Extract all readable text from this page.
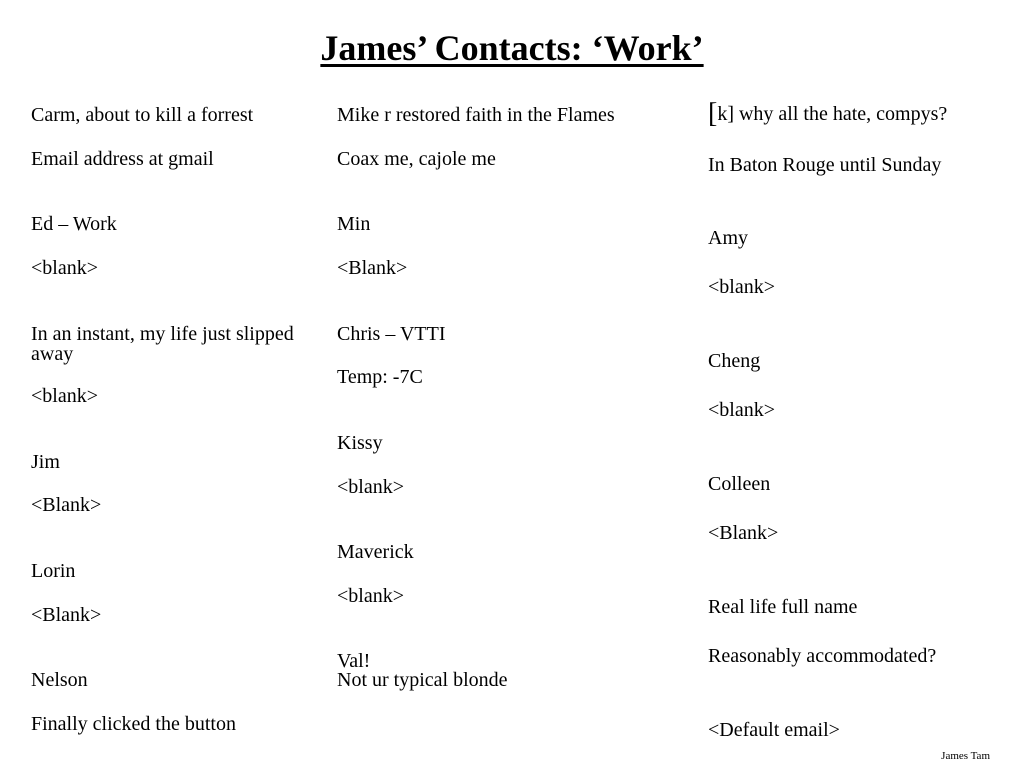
James’ Contacts: ‘Work’
Carm, about to kill a forrest
Email address at gmail
Ed – Work
<blank>
In an instant, my life just slipped away
<blank>
Jim
<Blank>
Lorin
<Blank>
Nelson
Finally clicked the button
Mike r restored faith in the Flames
Coax me, cajole me
Min
<Blank>
Chris – VTTI
Temp: -7C
Kissy
<blank>
Maverick
<blank>
Val!
Not ur typical blonde
[k] why all the hate, compys?
In Baton Rouge until Sunday
Amy
<blank>
Cheng
<blank>
Colleen
<Blank>
Real life full name
Reasonably accommodated?
<Default email>
James Tam
